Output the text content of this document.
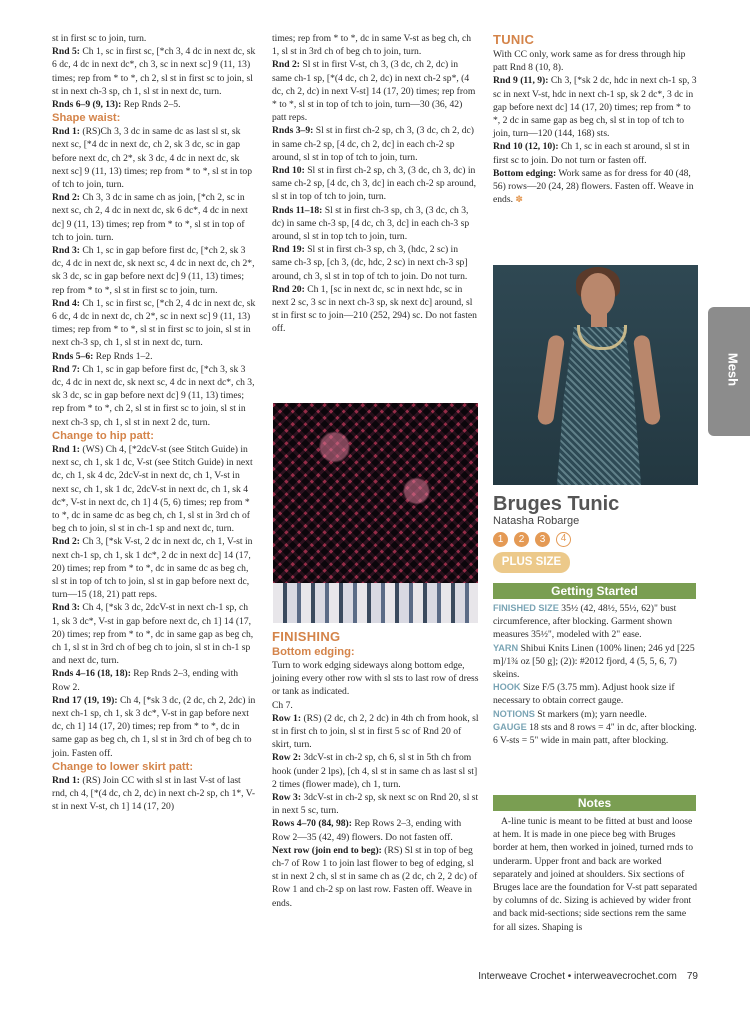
st in first sc to join, turn.

Rnd 5: Ch 1, sc in first sc, [*ch 3, 4 dc in next dc, sk 6 dc, 4 dc in next dc*, ch 3, sc in next sc] 9 (11, 13) times; rep from * to *, ch 2, sl st in first sc to join, sl st in next ch-3 sp, ch 1, sl st in next dc, turn.

Rnds 6–9 (9, 13): Rep Rnds 2–5.

Shape waist:

Rnd 1: (RS)Ch 3, 3 dc in same dc as last sl st, sk next sc, [*4 dc in next dc, ch 2, sk 3 dc, sc in gap before next dc, ch 2*, sk 3 dc, 4 dc in next dc, sk next sc] 9 (11, 13) times; rep from * to *, sl st in top of tch to join, turn.

Rnd 2: Ch 3, 3 dc in same ch as join, [*ch 2, sc in next sc, ch 2, 4 dc in next dc, sk 6 dc*, 4 dc in next dc] 9 (11, 13) times; rep from * to *, sl st in top of tch to join. turn.

Rnd 3: Ch 1, sc in gap before first dc, [*ch 2, sk 3 dc, 4 dc in next dc, sk next sc, 4 dc in next dc, ch 2*, sk 3 dc, sc in gap before next dc] 9 (11, 13) times; rep from * to *, sl st in first sc to join, turn.

Rnd 4: Ch 1, sc in first sc, [*ch 2, 4 dc in next dc, sk 6 dc, 4 dc in next dc, ch 2*, sc in next sc] 9 (11, 13) times; rep from * to *, sl st in first sc to join, sl st in next ch-3 sp, ch 1, sl st in next dc, turn.

Rnds 5–6: Rep Rnds 1–2.

Rnd 7: Ch 1, sc in gap before first dc, [*ch 3, sk 3 dc, 4 dc in next dc, sk next sc, 4 dc in next dc*, ch 3, sk 3 dc, sc in gap before next dc] 9 (11, 13) times; rep from * to *, ch 2, sl st in first sc to join, sl st in next ch-3 sp, ch 1, sl st in next 2 dc, turn.

Change to hip patt:

Rnd 1: (WS) Ch 4, [*2dcV-st (see Stitch Guide) in next sc, ch 1, sk 1 dc, V-st (see Stitch Guide) in next dc, ch 1, sk 4 dc, 2dcV-st in next dc, ch 1, V-st in next sc, ch 1, sk 1 dc, 2dcV-st in next dc, ch 1, sk 4 dc*, V-st in next dc, ch 1] 4 (5, 6) times; rep from * to *, dc in same dc as beg ch, ch 1, sl st in 3rd ch of beg ch to join, sl st in ch-1 sp and next dc, turn.

Rnd 2: Ch 3, [*sk V-st, 2 dc in next dc, ch 1, V-st in next ch-1 sp, ch 1, sk 1 dc*, 2 dc in next dc] 14 (17, 20) times; rep from * to *, dc in same dc as beg ch, sl st in top of tch to join, sl st in gap before next dc, turn—15 (18, 21) patt reps.

Rnd 3: Ch 4, [*sk 3 dc, 2dcV-st in next ch-1 sp, ch 1, sk 3 dc*, V-st in gap before next dc, ch 1] 14 (17, 20) times; rep from * to *, dc in same gap as beg ch, ch 1, sl st in 3rd ch of beg ch to join, sl st in ch-1 sp and next dc, turn.

Rnds 4–16 (18, 18): Rep Rnds 2–3, ending with Row 2.

Rnd 17 (19, 19): Ch 4, [*sk 3 dc, (2 dc, ch 2, 2dc) in next ch-1 sp, ch 1, sk 3 dc*, V-st in gap before next dc, ch 1] 14 (17, 20) times; rep from * to *, dc in same gap as beg ch, ch 1, sl st in 3rd ch of beg ch to join. Fasten off.

Change to lower skirt patt:

Rnd 1: (RS) Join CC with sl st in last V-st of last rnd, ch 4, [*(4 dc, ch 2, dc) in next ch-2 sp, ch 1*, V-st in next V-st, ch 1] 14 (17, 20)

times; rep from * to *, dc in same V-st as beg ch, ch 1, sl st in 3rd ch of beg ch to join, turn.

Rnd 2: Sl st in first V-st, ch 3, (3 dc, ch 2, dc) in same ch-1 sp, [*(4 dc, ch 2, dc) in next ch-2 sp*, (4 dc, ch 2, dc) in next V-st] 14 (17, 20) times; rep from * to *, sl st in top of tch to join, turn—30 (36, 42) patt reps.

Rnds 3–9: Sl st in first ch-2 sp, ch 3, (3 dc, ch 2, dc) in same ch-2 sp, [4 dc, ch 2, dc] in each ch-2 sp around, sl st in top of tch to join, turn.

Rnd 10: Sl st in first ch-2 sp, ch 3, (3 dc, ch 3, dc) in same ch-2 sp, [4 dc, ch 3, dc] in each ch-2 sp around, sl st in top of tch to join, turn.

Rnds 11–18: Sl st in first ch-3 sp, ch 3, (3 dc, ch 3, dc) in same ch-3 sp, [4 dc, ch 3, dc] in each ch-3 sp around, sl st in top tch to join, turn.

Rnd 19: Sl st in first ch-3 sp, ch 3, (hdc, 2 sc) in same ch-3 sp, [ch 3, (dc, hdc, 2 sc) in next ch-3 sp] around, ch 3, sl st in top of tch to join. Do not turn.

Rnd 20: Ch 1, [sc in next dc, sc in next hdc, sc in next 2 sc, 3 sc in next ch-3 sp, sk next dc] around, sl st in first sc to join—210 (252, 294) sc. Do not fasten off.

FINISHING

Bottom edging:

Turn to work edging sideways along bottom edge, joining every other row with sl sts to last row of dress or tank as indicated.

Ch 7.

Row 1: (RS) (2 dc, ch 2, 2 dc) in 4th ch from hook, sl st in first ch to join, sl st in first 5 sc of Rnd 20 of skirt, turn.

Row 2: 3dcV-st in ch-2 sp, ch 6, sl st in 5th ch from hook (under 2 lps), [ch 4, sl st in same ch as last sl st] 2 times (flower made), ch 1, turn.

Row 3: 3dcV-st in ch-2 sp, sk next sc on Rnd 20, sl st in next 5 sc, turn.

Rows 4–70 (84, 98): Rep Rows 2–3, ending with Row 2—35 (42, 49) flowers. Do not fasten off.

Next row (join end to beg): (RS) Sl st in top of beg ch-7 of Row 1 to join last flower to beg of edging, sl st in next 2 ch, sl st in same ch as (2 dc, ch 2, 2 dc) of Row 1 and ch-2 sp on last row. Fasten off. Weave in ends.

TUNIC

With CC only, work same as for dress through hip patt Rnd 8 (10, 8).

Rnd 9 (11, 9): Ch 3, [*sk 2 dc, hdc in next ch-1 sp, 3 sc in next V-st, hdc in next ch-1 sp, sk 2 dc*, 3 dc in gap before next dc] 14 (17, 20) times; rep from * to *, 2 dc in same gap as beg ch, sl st in top of tch to join, turn—120 (144, 168) sts.

Rnd 10 (12, 10): Ch 1, sc in each st around, sl st in first sc to join. Do not turn or fasten off.

Bottom edging: Work same as for dress for 40 (48, 56) rows—20 (24, 28) flowers. Fasten off. Weave in ends. ✽

Mesh

Bruges Tunic

Natasha Robarge

1	2	3	4
PLUS SIZE
Getting Started

FINISHED SIZE 35½ (42, 48½, 55½, 62)" bust circumference, after blocking. Garment shown measures 35½", modeled with 2" ease.

YARN Shibui Knits Linen (100% linen; 246 yd [225 m]/1¾ oz [50 g]; (2)): #2012 fjord, 4 (5, 5, 6, 7) skeins.

HOOK Size F/5 (3.75 mm). Adjust hook size if necessary to obtain correct gauge.

NOTIONS St markers (m); yarn needle.

GAUGE 18 sts and 8 rows = 4" in dc, after blocking. 6 V-sts = 5" wide in main patt, after blocking.

Notes

A-line tunic is meant to be fitted at bust and loose at hem. It is made in one piece beg with Bruges border at hem, then worked in joined, turned rnds to underarm. Upper front and back are worked separately and joined at shoulders. Six sections of Bruges lace are the foundation for V-st patt separated by columns of dc. Sizing is achieved by wider front and back mid-sections; side sections rem the same for all sizes. Shaping is

Interweave Crochet • interweavecrochet.com 79
